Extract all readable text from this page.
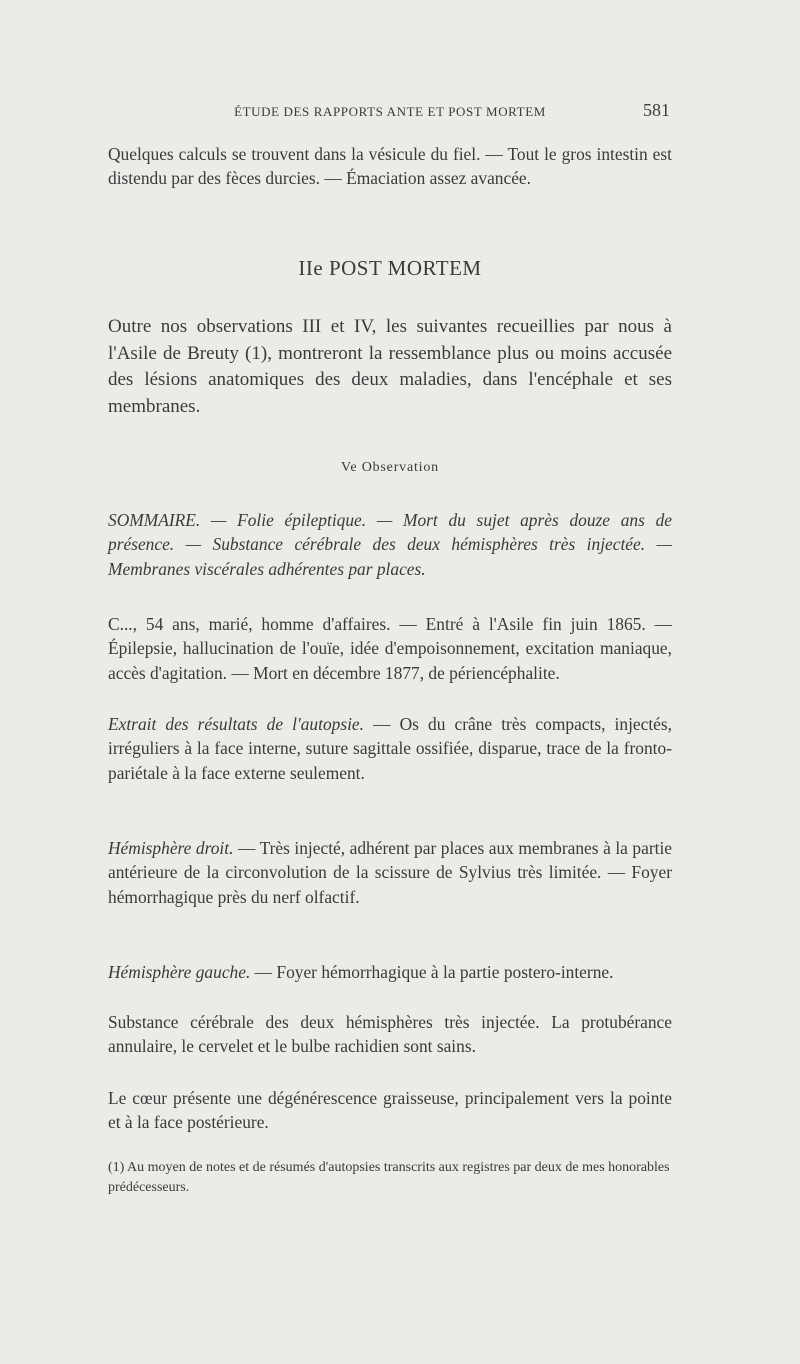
ÉTUDE DES RAPPORTS ANTE ET POST MORTEM	581

Quelques calculs se trouvent dans la vésicule du fiel. — Tout le gros intestin est distendu par des fèces durcies. — Émaciation assez avancée.

IIe POST MORTEM

Outre nos observations III et IV, les suivantes recueillies par nous à l'Asile de Breuty (1), montreront la ressemblance plus ou moins accusée des lésions anatomiques des deux maladies, dans l'encéphale et ses membranes.

Ve Observation

SOMMAIRE. — Folie épileptique. — Mort du sujet après douze ans de présence. — Substance cérébrale des deux hémisphères très injectée. — Membranes viscérales adhérentes par places.

C..., 54 ans, marié, homme d'affaires. — Entré à l'Asile fin juin 1865. — Épilepsie, hallucination de l'ouïe, idée d'empoisonnement, excitation maniaque, accès d'agitation. — Mort en décembre 1877, de périencéphalite.

Extrait des résultats de l'autopsie. — Os du crâne très compacts, injectés, irréguliers à la face interne, suture sagittale ossifiée, disparue, trace de la fronto-pariétale à la face externe seulement.

Hémisphère droit. — Très injecté, adhérent par places aux membranes à la partie antérieure de la circonvolution de la scissure de Sylvius très limitée. — Foyer hémorrhagique près du nerf olfactif.

Hémisphère gauche. — Foyer hémorrhagique à la partie postero-interne.

Substance cérébrale des deux hémisphères très injectée. La protubérance annulaire, le cervelet et le bulbe rachidien sont sains.

Le cœur présente une dégénérescence graisseuse, principalement vers la pointe et à la face postérieure.

(1) Au moyen de notes et de résumés d'autopsies transcrits aux registres par deux de mes honorables prédécesseurs.
